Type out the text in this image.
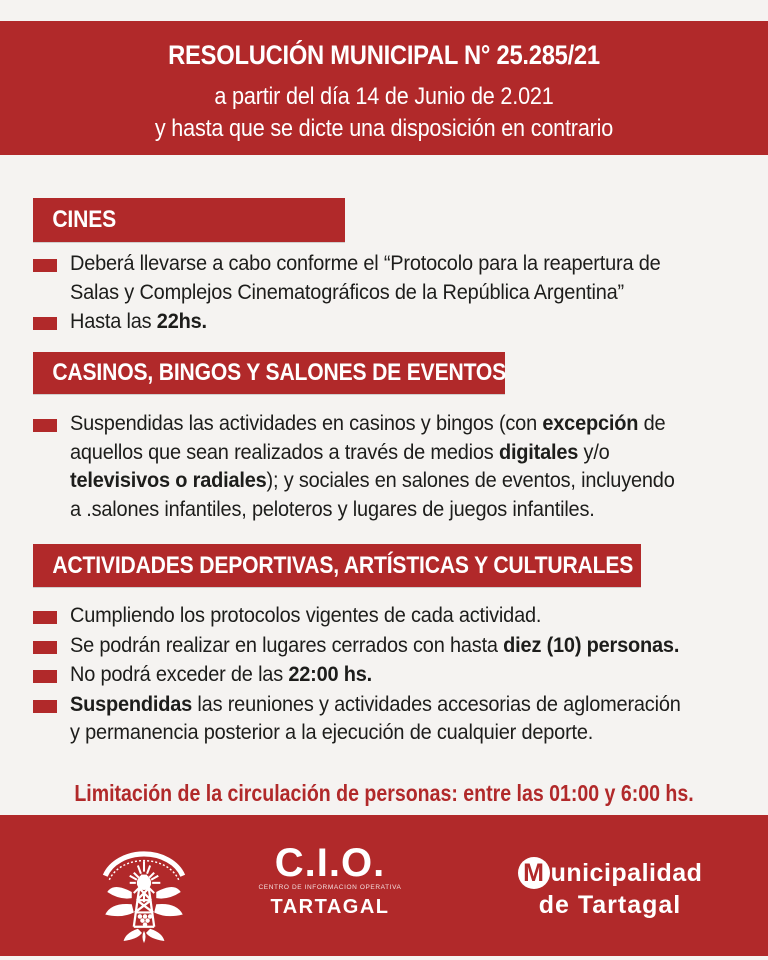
RESOLUCIÓN MUNICIPAL N° 25.285/21
a partir del día 14 de Junio de 2.021
y hasta que se dicte una disposición en contrario
CINES
Deberá llevarse a cabo conforme el “Protocolo para la reapertura de
Salas y Complejos Cinematográficos de la República Argentina”
Hasta las 22hs.
CASINOS, BINGOS Y SALONES DE EVENTOS
Suspendidas las actividades en casinos y bingos (con excepción de
aquellos que sean realizados a través de medios digitales y/o
televisivos o radiales); y sociales en salones de eventos, incluyendo
a .salones infantiles, peloteros y lugares de juegos infantiles.
ACTIVIDADES DEPORTIVAS, ARTÍSTICAS Y CULTURALES
Cumpliendo los protocolos vigentes de cada actividad.
Se podrán realizar en lugares cerrados con hasta diez (10) personas.
No podrá exceder de las 22:00 hs.
Suspendidas las reuniones y actividades accesorias de aglomeración
y permanencia posterior a la ejecución de cualquier deporte.
Limitación de la circulación de personas: entre las 01:00 y 6:00 hs.
C.I.O.
CENTRO DE INFORMACION OPERATIVA
TARTAGAL
M unicipalidad
de Tartagal
